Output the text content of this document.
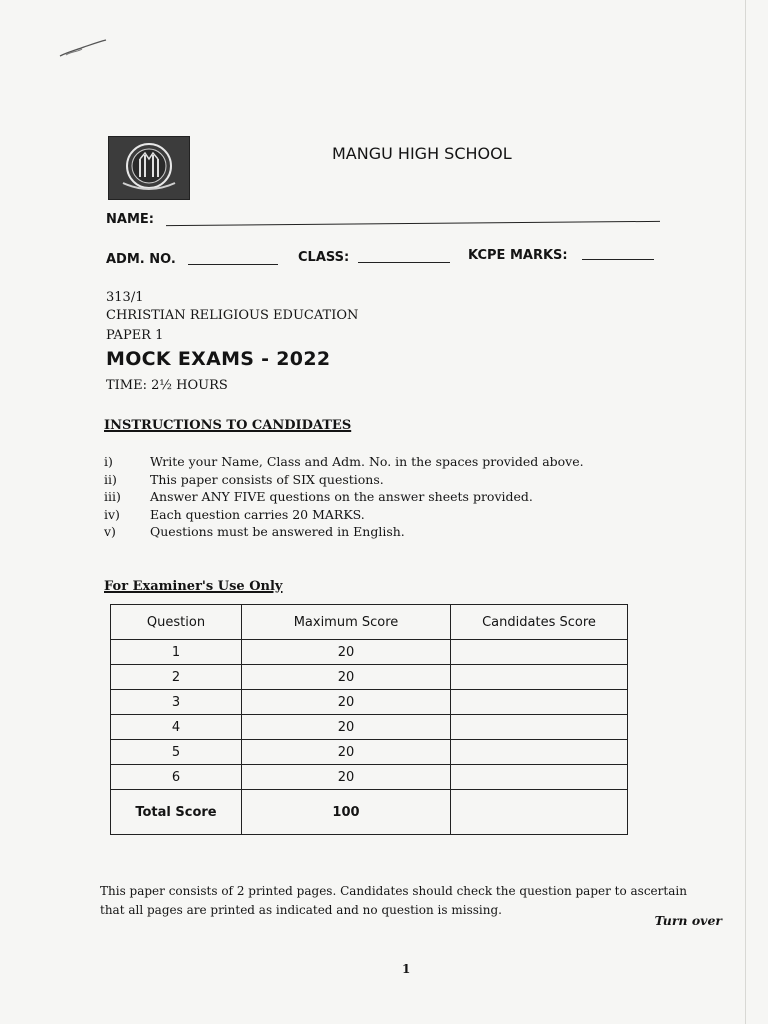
MANGU HIGH SCHOOL
NAME:
ADM. NO.	CLASS:	KCPE MARKS:
313/1
CHRISTIAN RELIGIOUS EDUCATION
PAPER 1
MOCK EXAMS - 2022
TIME: 2½ HOURS
INSTRUCTIONS TO CANDIDATES
i)	Write your Name, Class and Adm. No. in the spaces provided above.
ii)	This paper consists of SIX questions.
iii) Answer ANY FIVE questions on the answer sheets provided.
iv) Each question carries 20 MARKS.
v)	Questions must be answered in English.
For Examiner's Use Only
Question	Maximum Score	Candidates Score
1	20	
2	20	
3	20	
4	20	
5	20	
6	20	
Total Score	100	
This paper consists of 2 printed pages. Candidates should check the question paper to ascertain
that all pages are printed as indicated and no question is missing.
Turn over
1
